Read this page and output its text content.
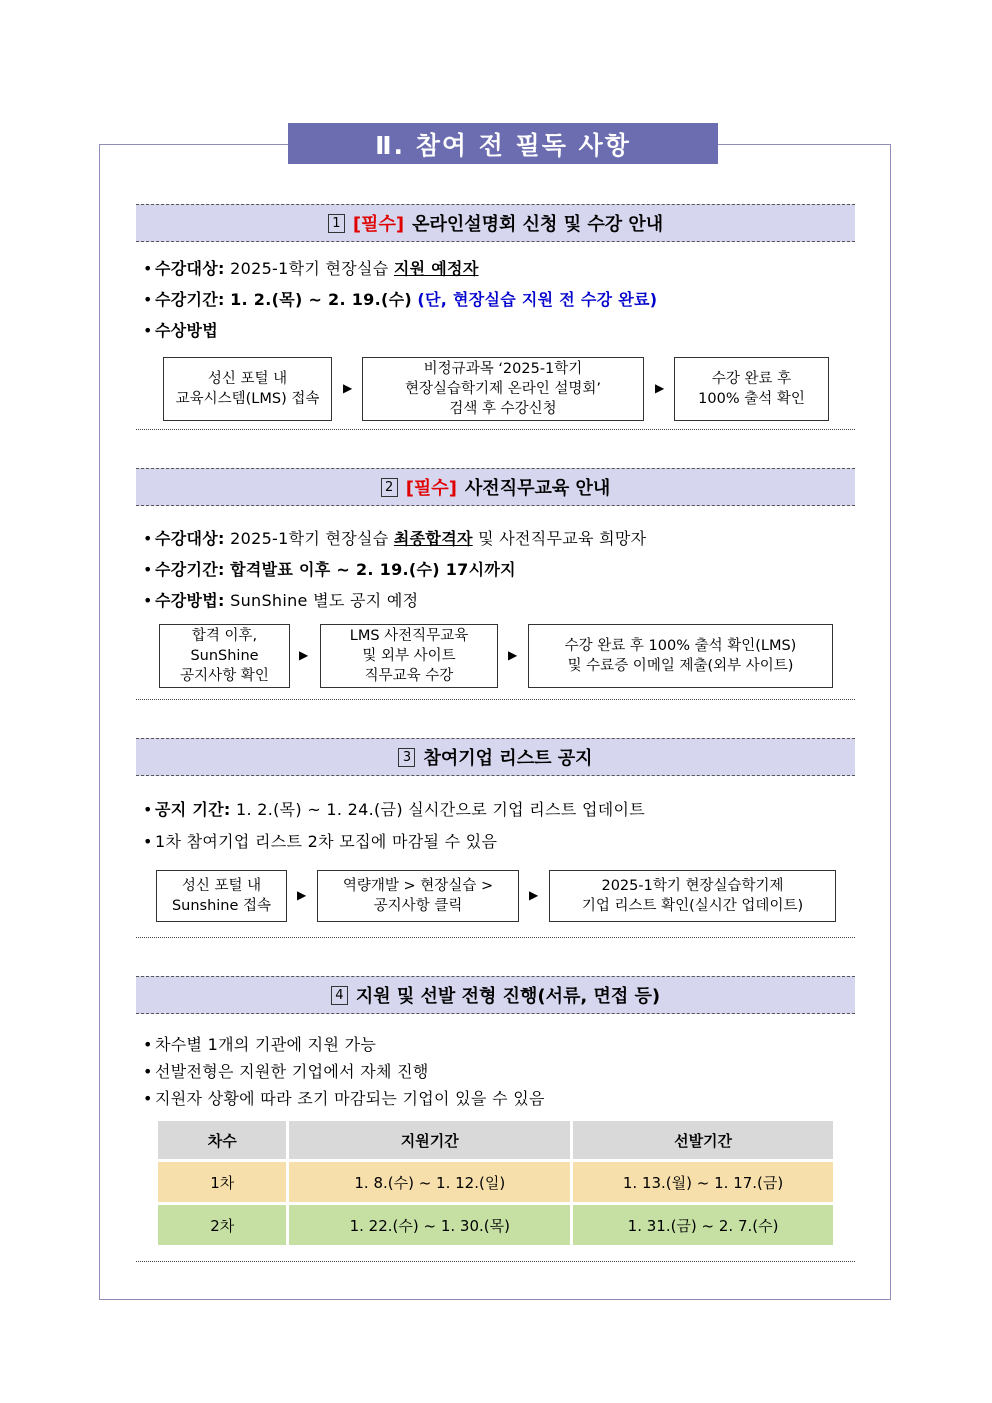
Ⅱ. 참여 전 필독 사항
1 [필수] 온라인설명회 신청 및 수강 안내
• 수강대상: 2025-1학기 현장실습 지원 예정자
• 수강기간: 1. 2.(목) ~ 2. 19.(수) (단, 현장실습 지원 전 수강 완료)
• 수상방법
성신 포털 내
교육시스템(LMS) 접속
▶
비정규과목 ‘2025-1학기
현장실습학기제 온라인 설명회’
검색 후 수강신청
▶
수강 완료 후
100% 출석 확인
2 [필수] 사전직무교육 안내
• 수강대상: 2025-1학기 현장실습 최종합격자 및 사전직무교육 희망자
• 수강기간: 합격발표 이후 ~ 2. 19.(수) 17시까지
• 수강방법: SunShine 별도 공지 예정
합격 이후,
SunShine
공지사항 확인
▶
LMS 사전직무교육
및 외부 사이트
직무교육 수강
▶
수강 완료 후 100% 출석 확인(LMS)
및 수료증 이메일 제출(외부 사이트)
3 참여기업 리스트 공지
• 공지 기간: 1. 2.(목) ~ 1. 24.(금) 실시간으로 기업 리스트 업데이트
• 1차 참여기업 리스트 2차 모집에 마감될 수 있음
성신 포털 내
Sunshine 접속
▶
역량개발 > 현장실습 >
공지사항 클릭
▶
2025-1학기 현장실습학기제
기업 리스트 확인(실시간 업데이트)
4 지원 및 선발 전형 진행(서류, 면접 등)
• 차수별 1개의 기관에 지원 가능
• 선발전형은 지원한 기업에서 자체 진행
• 지원자 상황에 따라 조기 마감되는 기업이 있을 수 있음
차수	지원기간	선발기간
1차	1. 8.(수) ~ 1. 12.(일)	1. 13.(월) ~ 1. 17.(금)
2차	1. 22.(수) ~ 1. 30.(목)	1. 31.(금) ~ 2. 7.(수)
